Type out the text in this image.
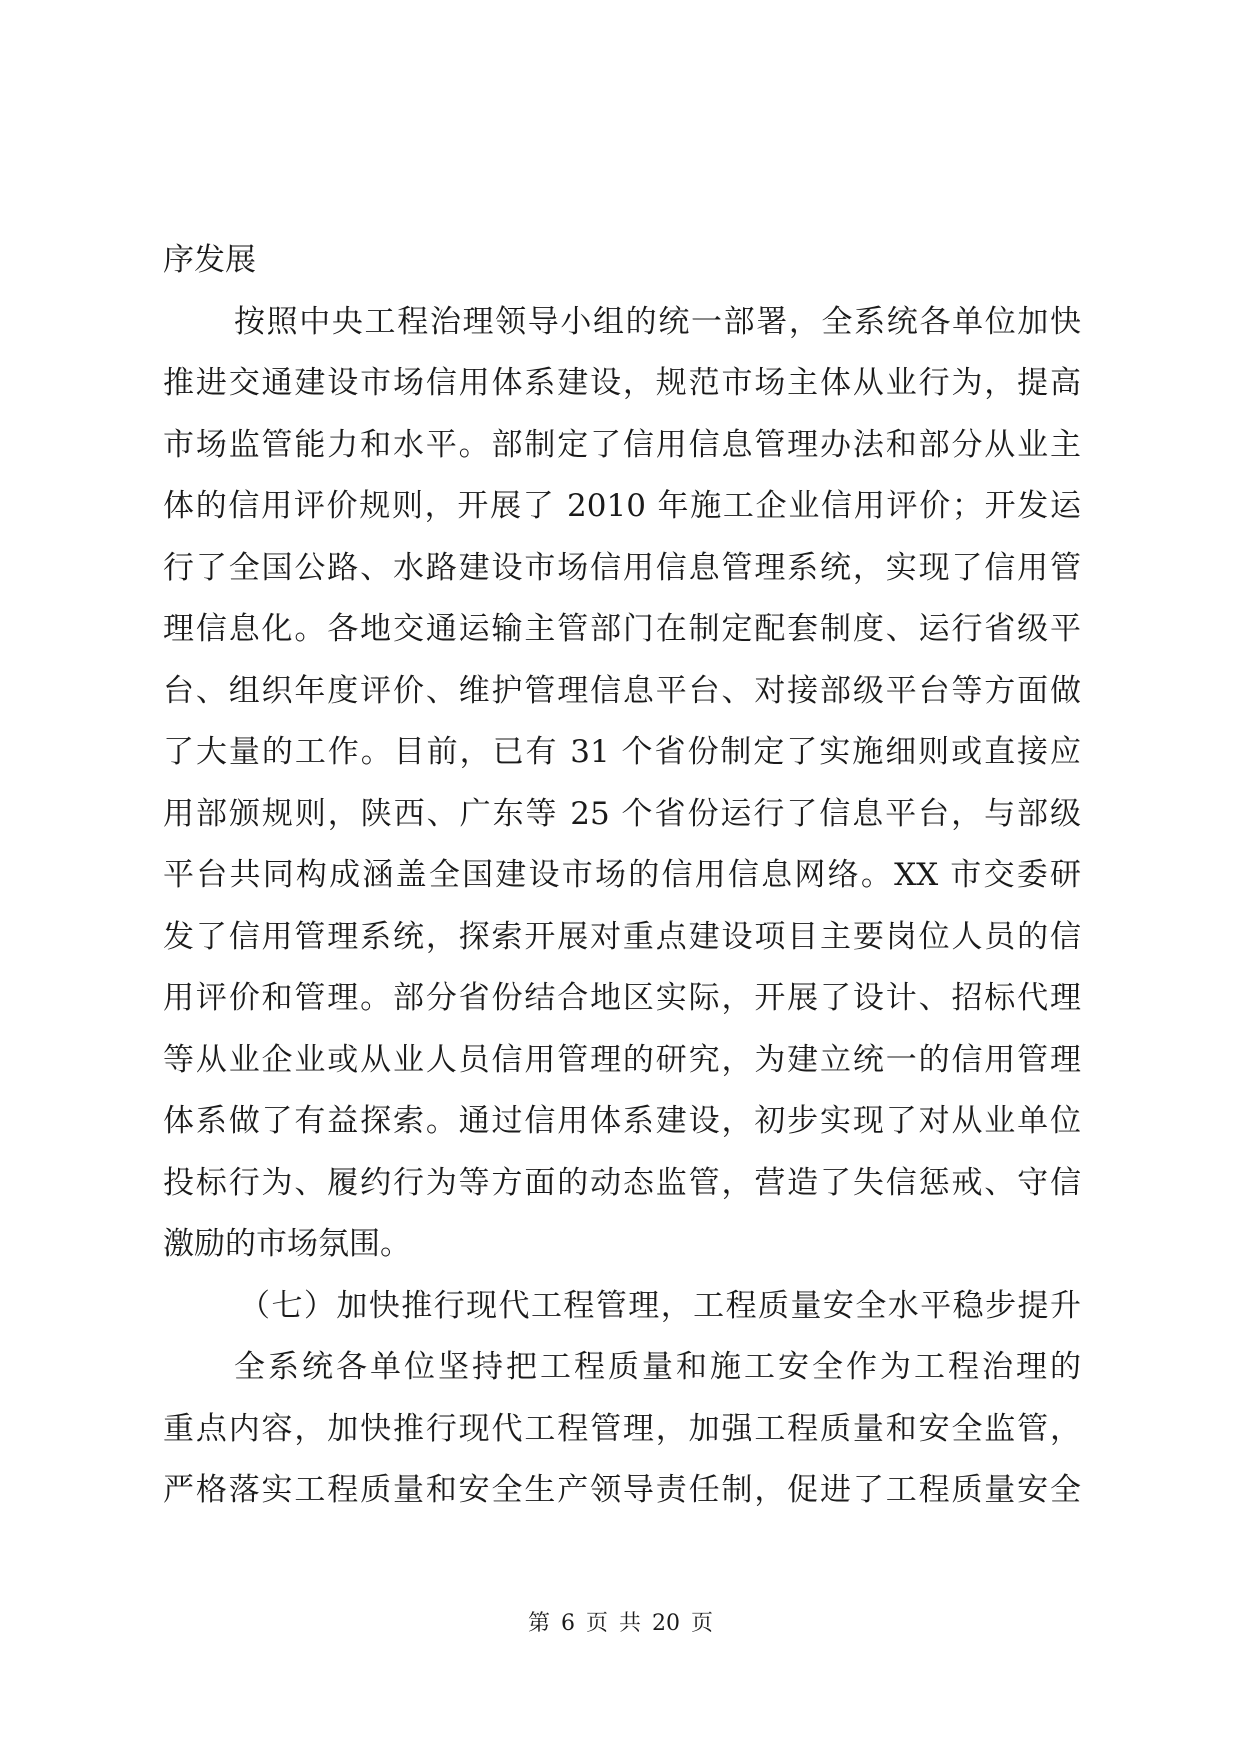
序发展
按照中央工程治理领导小组的统一部署，全系统各单位加快
推进交通建设市场信用体系建设，规范市场主体从业行为，提高
市场监管能力和水平。部制定了信用信息管理办法和部分从业主
体的信用评价规则，开展了 2010 年施工企业信用评价；开发运
行了全国公路、水路建设市场信用信息管理系统，实现了信用管
理信息化。各地交通运输主管部门在制定配套制度、运行省级平
台、组织年度评价、维护管理信息平台、对接部级平台等方面做
了大量的工作。目前，已有 31 个省份制定了实施细则或直接应
用部颁规则，陕西、广东等 25 个省份运行了信息平台，与部级
平台共同构成涵盖全国建设市场的信用信息网络。XX 市交委研
发了信用管理系统，探索开展对重点建设项目主要岗位人员的信
用评价和管理。部分省份结合地区实际，开展了设计、招标代理
等从业企业或从业人员信用管理的研究，为建立统一的信用管理
体系做了有益探索。通过信用体系建设，初步实现了对从业单位
投标行为、履约行为等方面的动态监管，营造了失信惩戒、守信
激励的市场氛围。
（七）加快推行现代工程管理，工程质量安全水平稳步提升
全系统各单位坚持把工程质量和施工安全作为工程治理的
重点内容，加快推行现代工程管理，加强工程质量和安全监管，
严格落实工程质量和安全生产领导责任制，促进了工程质量安全
第 6 页 共 20 页
